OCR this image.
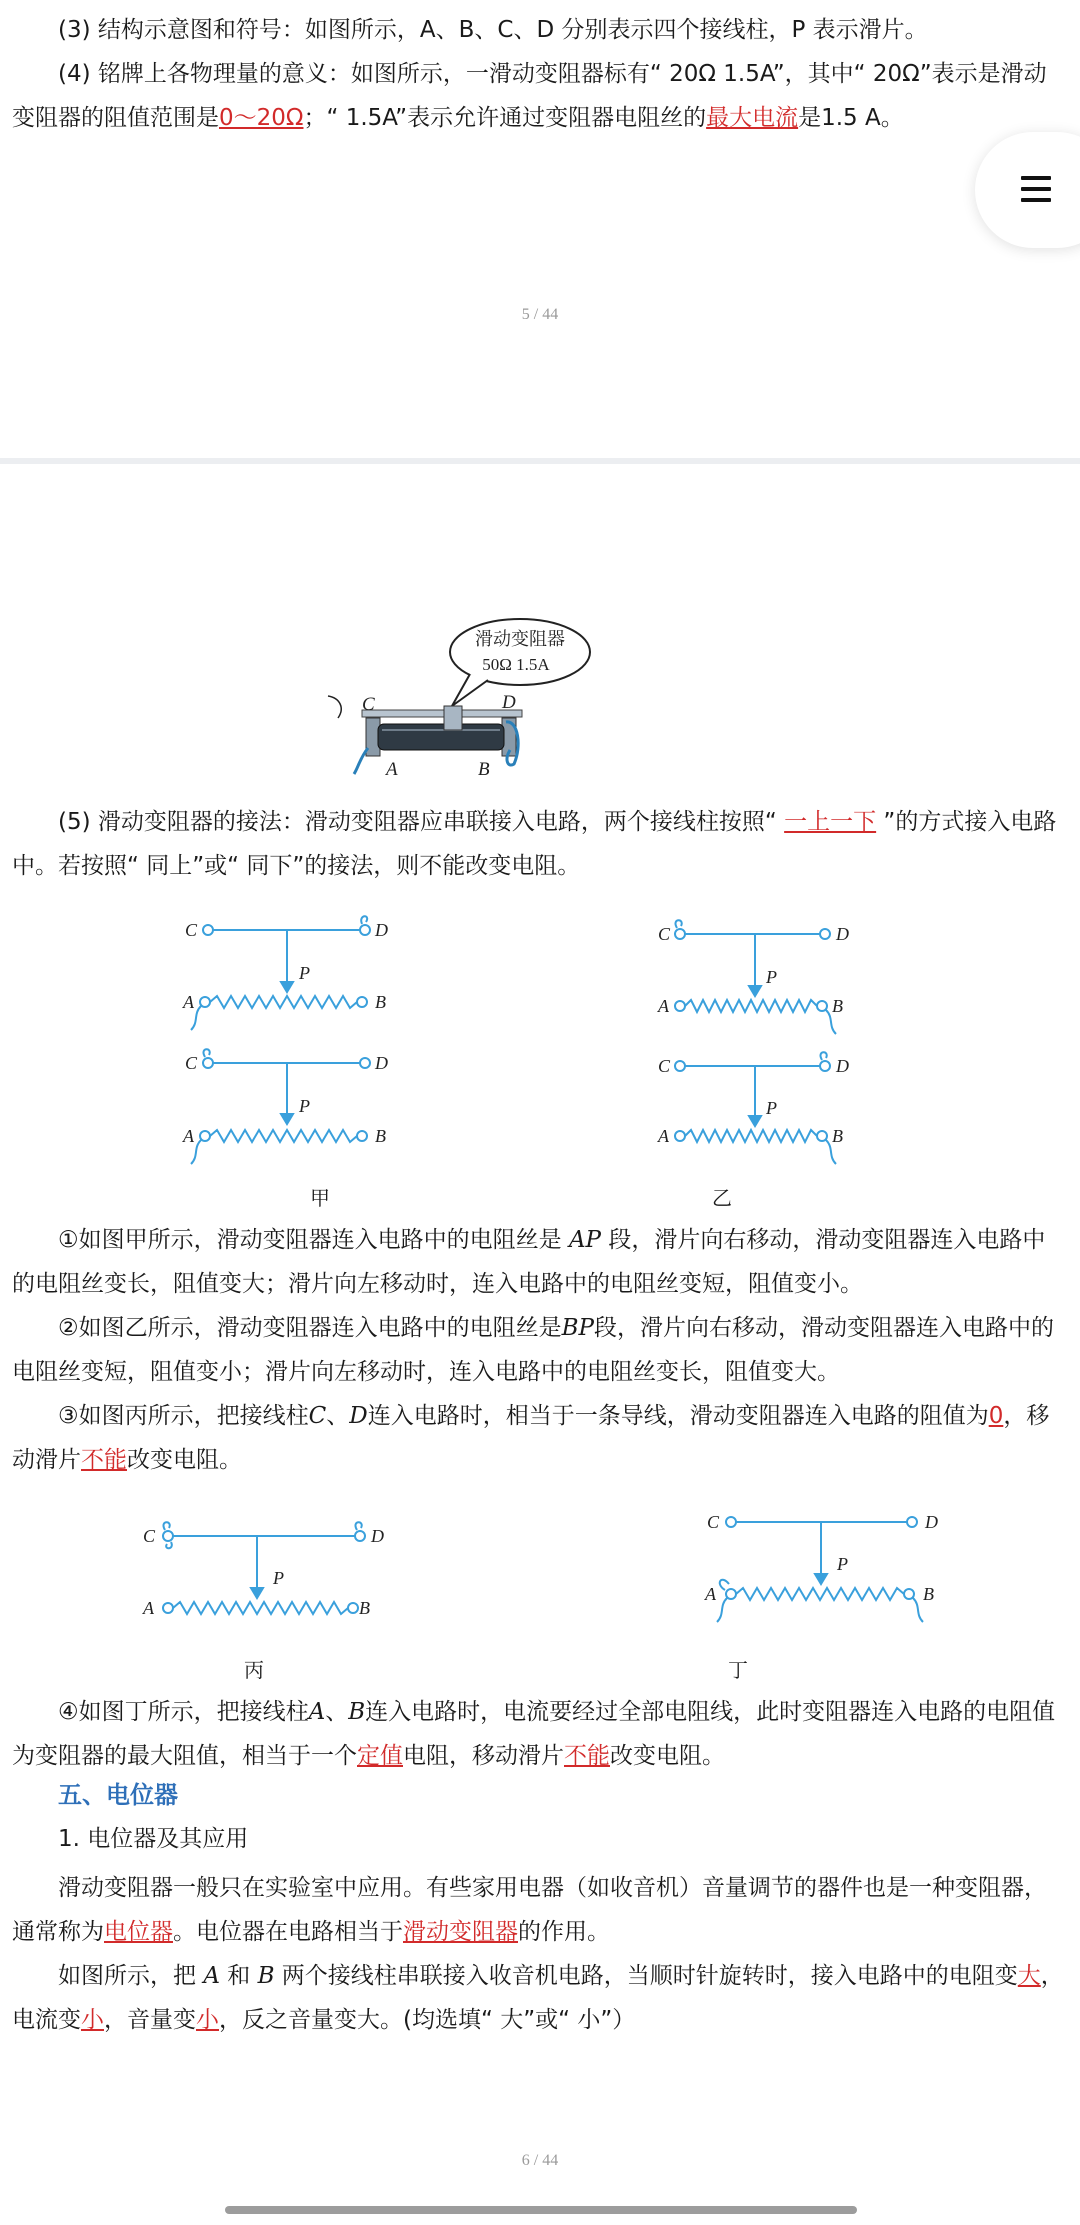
(3) 结构示意图和符号：如图所示，A、B、C、D 分别表示四个接线柱，P 表示滑片。

(4) 铭牌上各物理量的意义：如图所示，一滑动变阻器标有“ 20Ω 1.5A”，其中“ 20Ω”表示是滑动变阻器的阻值范围是0～20Ω；“ 1.5A”表示允许通过变阻器电阻丝的最大电流是1.5 A。

5 / 44
滑动变阻器
50Ω 1.5A
C	D
A	B

(5) 滑动变阻器的接法：滑动变阻器应串联接入电路，两个接线柱按照“ 一上一下 ”的方式接入电路中。若按照“ 同上”或“ 同下”的接法，则不能改变电阻。

C	D
P
A	B
C	D
P
A	B
C	D
P
A	B
C	D
P
A	B
甲	乙

①如图甲所示，滑动变阻器连入电路中的电阻丝是 AP 段，滑片向右移动，滑动变阻器连入电路中的电阻丝变长，阻值变大；滑片向左移动时，连入电路中的电阻丝变短，阻值变小。

②如图乙所示，滑动变阻器连入电路中的电阻丝是BP段，滑片向右移动，滑动变阻器连入电路中的电阻丝变短，阻值变小；滑片向左移动时，连入电路中的电阻丝变长，阻值变大。

③如图丙所示，把接线柱C、D连入电路时，相当于一条导线，滑动变阻器连入电路的阻值为0，移动滑片不能改变电阻。

C	D
P
A	B
C	D
P
A	B
丙	丁

④如图丁所示，把接线柱A、B连入电路时，电流要经过全部电阻线，此时变阻器连入电路的电阻值为变阻器的最大阻值，相当于一个定值电阻，移动滑片不能改变电阻。

五、电位器
1. 电位器及其应用

滑动变阻器一般只在实验室中应用。有些家用电器（如收音机）音量调节的器件也是一种变阻器，通常称为电位器。电位器在电路相当于滑动变阻器的作用。

如图所示，把 A 和 B 两个接线柱串联接入收音机电路，当顺时针旋转时，接入电路中的电阻变大，电流变小，音量变小，反之音量变大。(均选填“ 大”或“ 小”）

6 / 44
